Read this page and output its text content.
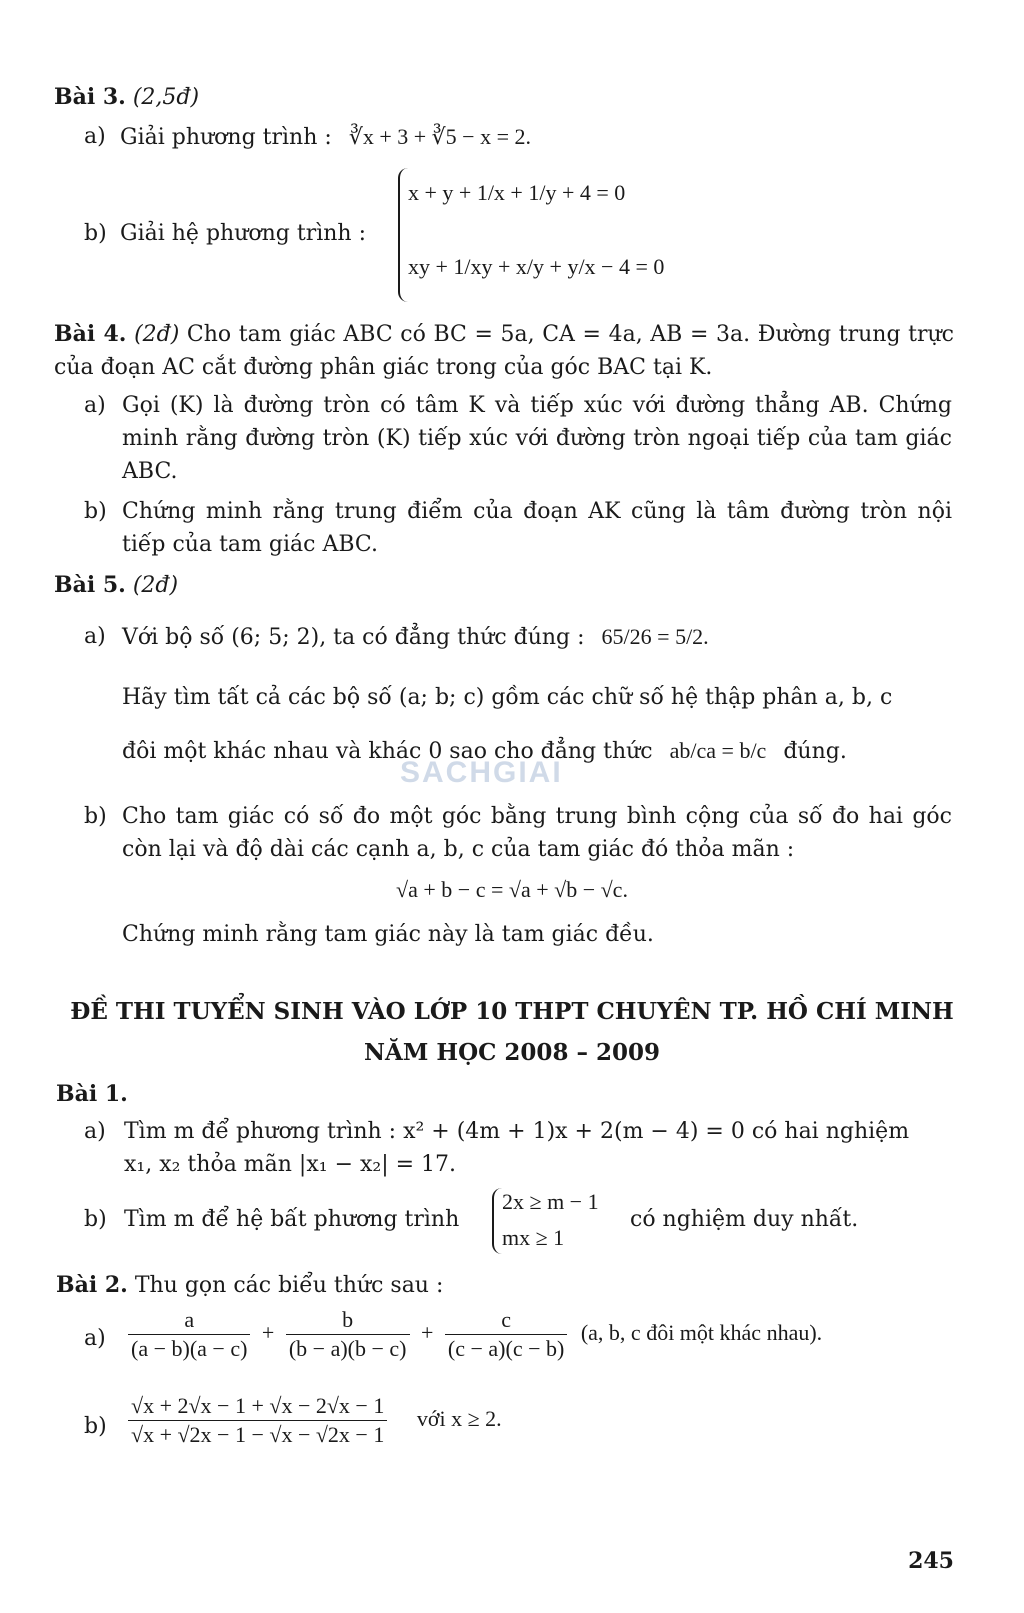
Bài 3. (2,5đ)
a) Giải phương trình : ∛x + 3 + ∛5 − x = 2.
b) Giải hệ phương trình :
x + y + 1/x + 1/y + 4 = 0
xy + 1/xy + x/y + y/x − 4 = 0
Bài 4. (2đ) Cho tam giác ABC có BC = 5a, CA = 4a, AB = 3a. Đường trung trực của đoạn AC cắt đường phân giác trong của góc BAC tại K.
a) Gọi (K) là đường tròn có tâm K và tiếp xúc với đường thẳng AB. Chứng minh rằng đường tròn (K) tiếp xúc với đường tròn ngoại tiếp của tam giác ABC.
b) Chứng minh rằng trung điểm của đoạn AK cũng là tâm đường tròn nội tiếp của tam giác ABC.
Bài 5. (2đ)
a) Với bộ số (6; 5; 2), ta có đẳng thức đúng : 65/26 = 5/2.
Hãy tìm tất cả các bộ số (a; b; c) gồm các chữ số hệ thập phân a, b, c
đôi một khác nhau và khác 0 sao cho đẳng thức ab/ca = b/c đúng.
b) Cho tam giác có số đo một góc bằng trung bình cộng của số đo hai góc còn lại và độ dài các cạnh a, b, c của tam giác đó thỏa mãn :
√a + b − c = √a + √b − √c.
Chứng minh rằng tam giác này là tam giác đều.
ĐỀ THI TUYỂN SINH VÀO LỚP 10 THPT CHUYÊN TP. HỒ CHÍ MINH
NĂM HỌC 2008 – 2009
Bài 1.
a) Tìm m để phương trình : x² + (4m + 1)x + 2(m − 4) = 0 có hai nghiệm
x₁, x₂ thỏa mãn |x₁ − x₂| = 17.
b) Tìm m để hệ bất phương trình
2x ≥ m − 1
mx ≥ 1
có nghiệm duy nhất.
Bài 2. Thu gọn các biểu thức sau :
$a) \frac{a}{(a - b)(a - c)} + \frac{b}{(b - a)(b - c)} + \frac{c}{(c - a)(c - b)} (a$, b, c đôi một khác nhau).
$b) \frac{√x + 2√x - 1 + √x - 2√x - 1}{√x + √2x - 1 - √x - √2x - 1}$ với x ≥ 2.
SACHGIAI
245
